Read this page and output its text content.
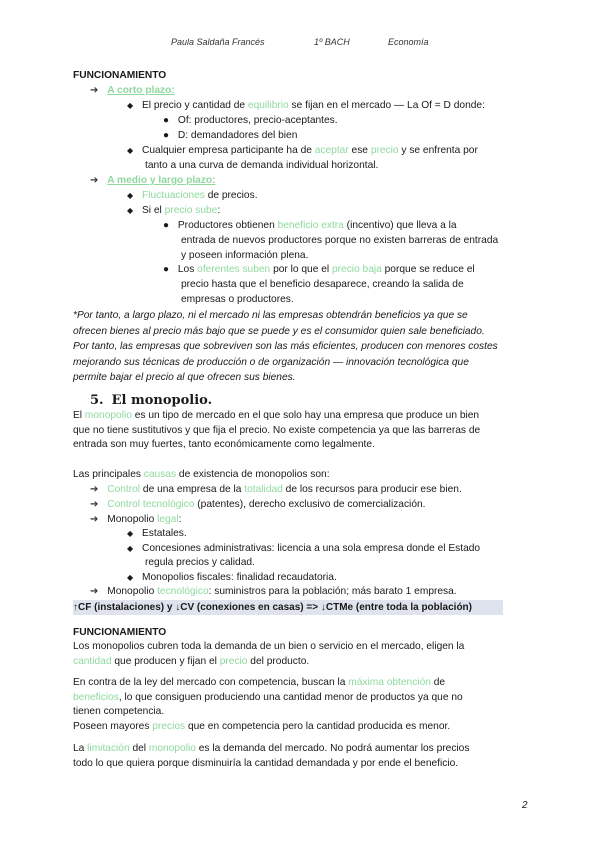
Paula Saldaña Francés	1º BACH	Economía
FUNCIONAMIENTO
➔ A corto plazo:
◆ El precio y cantidad de equilibrio se fijan en el mercado — La Of = D donde:
● Of: productores, precio-aceptantes.
● D: demandadores del bien
◆ Cualquier empresa participante ha de aceptar ese precio y se enfrenta por
tanto a una curva de demanda individual horizontal.
➔ A medio y largo plazo:
◆ Fluctuaciones de precios.
◆ Si el precio sube:
● Productores obtienen beneficio extra (incentivo) que lleva a la
entrada de nuevos productores porque no existen barreras de entrada
y poseen información plena.
● Los oferentes suben por lo que el precio baja porque se reduce el
precio hasta que el beneficio desaparece, creando la salida de
empresas o productores.
*Por tanto, a largo plazo, ni el mercado ni las empresas obtendrán beneficios ya que se
ofrecen bienes al precio más bajo que se puede y es el consumidor quien sale beneficiado.
Por tanto, las empresas que sobreviven son las más eficientes, producen con menores costes
mejorando sus técnicas de producción o de organización — innovación tecnológica que
permite bajar el precio al que ofrecen sus bienes.
5. El monopolio.
El monopolio es un tipo de mercado en el que solo hay una empresa que produce un bien
que no tiene sustitutivos y que fija el precio. No existe competencia ya que las barreras de
entrada son muy fuertes, tanto económicamente como legalmente.
Las principales causas de existencia de monopolios son:
➔ Control de una empresa de la totalidad de los recursos para producir ese bien.
➔ Control tecnológico (patentes), derecho exclusivo de comercialización.
➔ Monopolio legal:
◆ Estatales.
◆ Concesiones administrativas: licencia a una sola empresa donde el Estado
regula precios y calidad.
◆ Monopolios fiscales: finalidad recaudatoria.
➔ Monopolio tecnológico: suministros para la población; más barato 1 empresa.
↑CF (instalaciones) y ↓CV (conexiones en casas) => ↓CTMe (entre toda la población)
FUNCIONAMIENTO
Los monopolios cubren toda la demanda de un bien o servicio en el mercado, eligen la
cantidad que producen y fijan el precio del producto.
En contra de la ley del mercado con competencia, buscan la máxima obtención de
beneficios, lo que consiguen produciendo una cantidad menor de productos ya que no
tienen competencia.
Poseen mayores precios que en competencia pero la cantidad producida es menor.
La limitación del monopolio es la demanda del mercado. No podrá aumentar los precios
todo lo que quiera porque disminuiría la cantidad demandada y por ende el beneficio.
2
